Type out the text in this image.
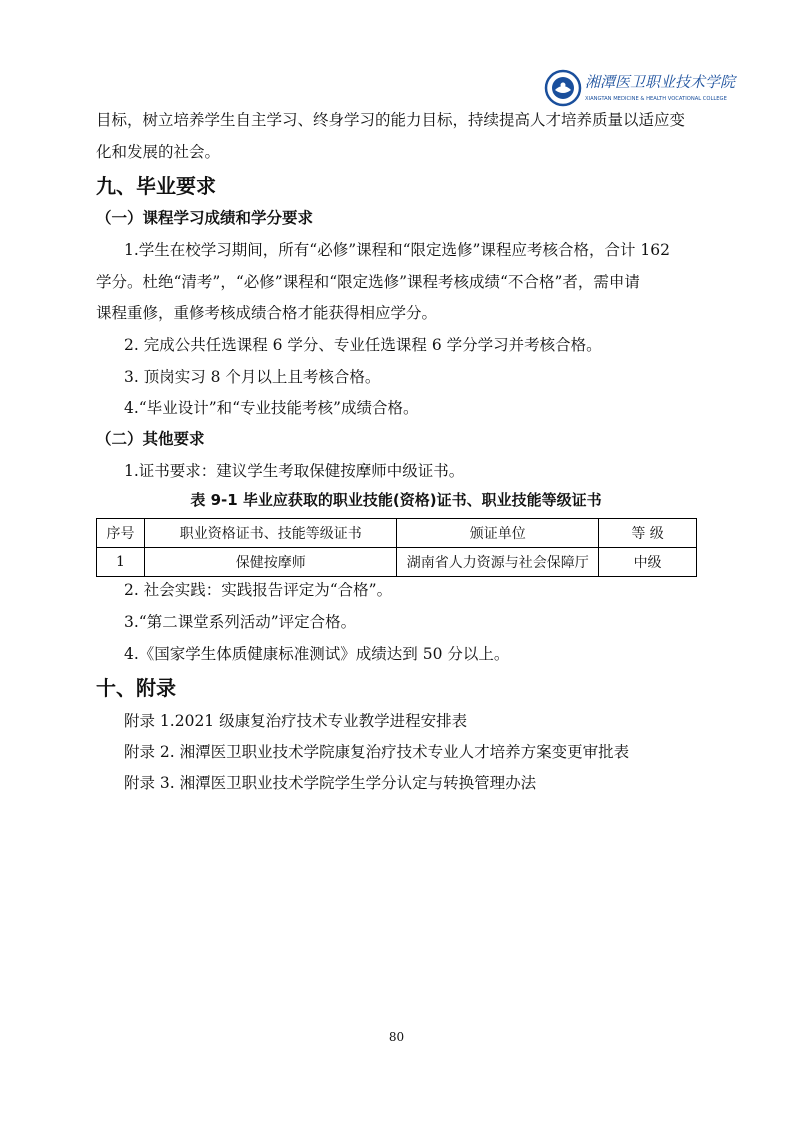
湘潭医卫职业技术学院
XIANGTAN MEDICINE & HEALTH VOCATIONAL COLLEGE
目标，树立培养学生自主学习、终身学习的能力目标，持续提高人才培养质量以适应变
化和发展的社会。
九、毕业要求
（一）课程学习成绩和学分要求
1.学生在校学习期间，所有“必修”课程和“限定选修”课程应考核合格，合计 162
学分。杜绝“清考”，“必修”课程和“限定选修”课程考核成绩“不合格”者，需申请
课程重修，重修考核成绩合格才能获得相应学分。
2. 完成公共任选课程 6 学分、专业任选课程 6 学分学习并考核合格。
3. 顶岗实习 8 个月以上且考核合格。
4.“毕业设计”和“专业技能考核”成绩合格。
（二）其他要求
1.证书要求：建议学生考取保健按摩师中级证书。
表 9-1 毕业应获取的职业技能(资格)证书、职业技能等级证书
序号	职业资格证书、技能等级证书	颁证单位	等 级
1	保健按摩师	湖南省人力资源与社会保障厅	中级
2. 社会实践：实践报告评定为“合格”。
3.“第二课堂系列活动”评定合格。
4.《国家学生体质健康标准测试》成绩达到 50 分以上。
十、附录
附录 1.2021 级康复治疗技术专业教学进程安排表
附录 2. 湘潭医卫职业技术学院康复治疗技术专业人才培养方案变更审批表
附录 3. 湘潭医卫职业技术学院学生学分认定与转换管理办法
80
